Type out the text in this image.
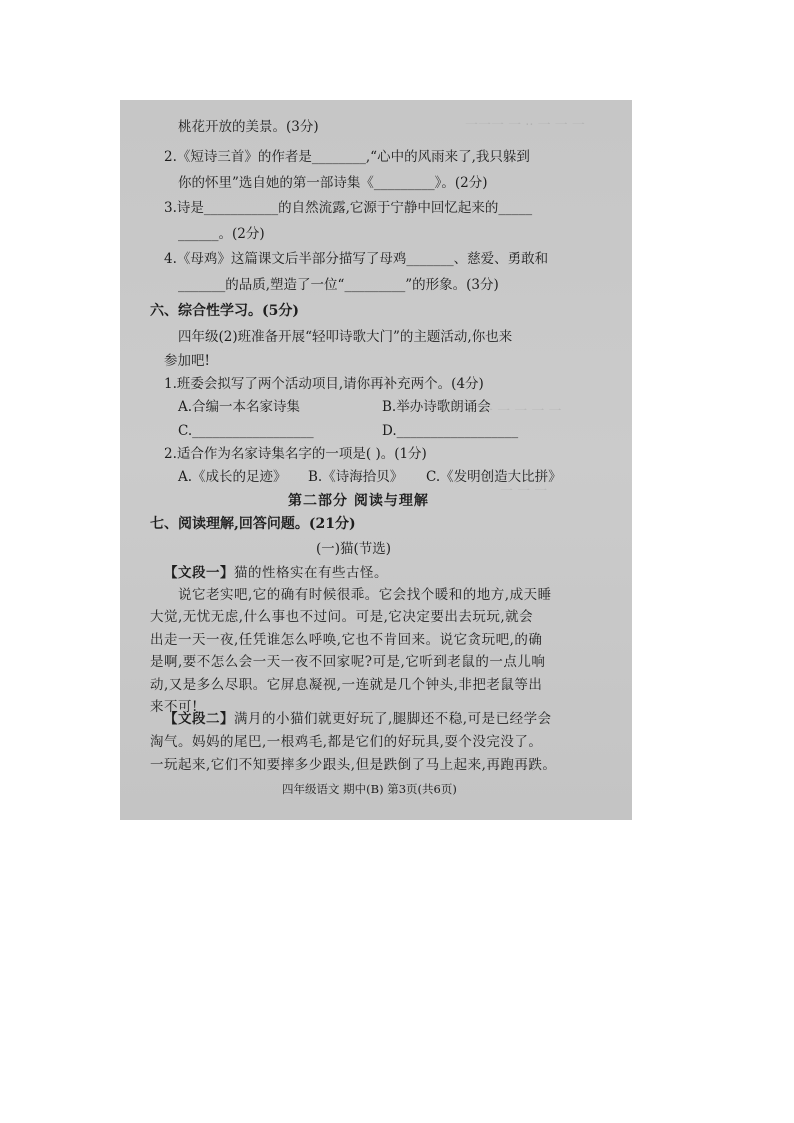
一一一 一 ·· 一 一 一
一 一 一 一 一
一 一 一
桃花开放的美景。(3分)
2.《短诗三首》的作者是________,“心中的风雨来了,我只躲到
你的怀里”选自她的第一部诗集《_________》。(2分)
3.诗是___________的自然流露,它源于宁静中回忆起来的_____
______。(2分)
4.《母鸡》这篇课文后半部分描写了母鸡_______、慈爱、勇敢和
_______的品质,塑造了一位“_________”的形象。(3分)
六、综合性学习。(5分)
四年级(2)班准备开展“轻叩诗歌大门”的主题活动,你也来
参加吧!
1.班委会拟写了两个活动项目,请你再补充两个。(4分)
A.合编一本名家诗集	B.举办诗歌朗诵会
C.__________________	D.__________________
2.适合作为名家诗集名字的一项是( )。(1分)
A.《成长的足迹》 B.《诗海拾贝》 C.《发明创造大比拼》
第二部分 阅读与理解
七、阅读理解,回答问题。(21分)
(一)猫(节选)
【文段一】猫的性格实在有些古怪。
说它老实吧,它的确有时候很乖。它会找个暖和的地方,成天睡
大觉,无忧无虑,什么事也不过问。可是,它决定要出去玩玩,就会
出走一天一夜,任凭谁怎么呼唤,它也不肯回来。说它贪玩吧,的确
是啊,要不怎么会一天一夜不回家呢?可是,它听到老鼠的一点儿响
动,又是多么尽职。它屏息凝视,一连就是几个钟头,非把老鼠等出
来不可!
【文段二】满月的小猫们就更好玩了,腿脚还不稳,可是已经学会
淘气。妈妈的尾巴,一根鸡毛,都是它们的好玩具,耍个没完没了。
一玩起来,它们不知要摔多少跟头,但是跌倒了马上起来,再跑再跌。
四年级语文 期中(B) 第3页(共6页)
